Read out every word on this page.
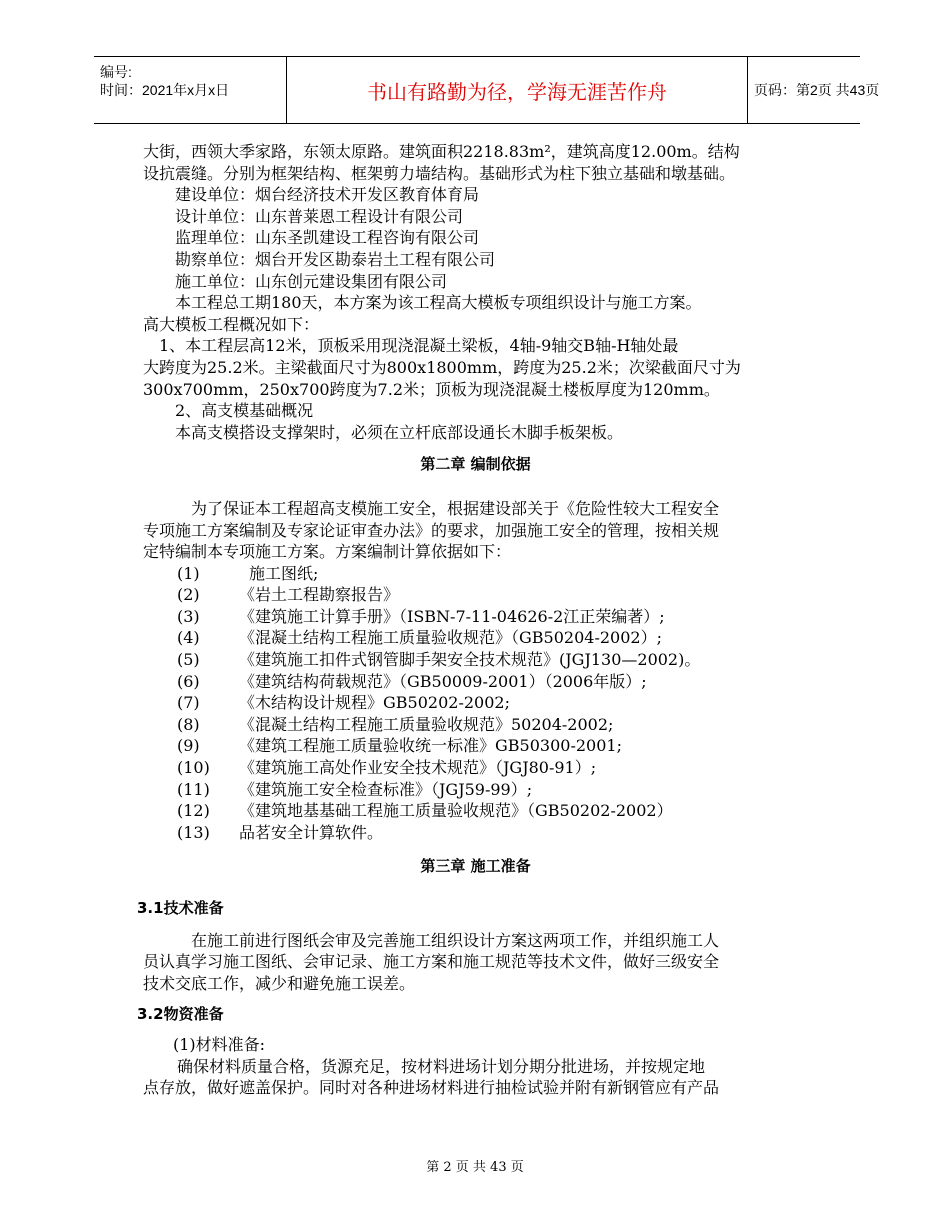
编号:
时间：2021年x月x日	书山有路勤为径，学海无涯苦作舟	页码：第2页 共43页

大街，西领大季家路，东领太原路。建筑面积2218.83m²，建筑高度12.00m。结构
设抗震缝。分别为框架结构、框架剪力墙结构。基础形式为柱下独立基础和墩基础。

建设单位：烟台经济技术开发区教育体育局
设计单位：山东普莱恩工程设计有限公司
监理单位：山东圣凯建设工程咨询有限公司
勘察单位：烟台开发区勘泰岩土工程有限公司
施工单位：山东创元建设集团有限公司

本工程总工期180天，本方案为该工程高大模板专项组织设计与施工方案。
高大模板工程概况如下：

1、本工程层高12米，顶板采用现浇混凝土梁板，4轴-9轴交B轴-H轴处最
大跨度为25.2米。主梁截面尺寸为800x1800mm，跨度为25.2米；次梁截面尺寸为
300x700mm，250x700跨度为7.2米；顶板为现浇混凝土楼板厚度为120mm。

2、高支模基础概况
本高支模搭设支撑架时，必须在立杆底部设通长木脚手板架板。

第二章 编制依据

为了保证本工程超高支模施工安全，根据建设部关于《危险性较大工程安全
专项施工方案编制及专家论证审查办法》的要求，加强施工安全的管理，按相关规
定特编制本专项施工方案。方案编制计算依据如下：

(1)	施工图纸;
(2)	《岩土工程勘察报告》
(3)	《建筑施工计算手册》（ISBN-7-11-04626-2江正荣编著）;
(4)	《混凝土结构工程施工质量验收规范》（GB50204-2002）;
(5)	《建筑施工扣件式钢管脚手架安全技术规范》(JGJ130—2002)。
(6)	《建筑结构荷载规范》（GB50009-2001）（2006年版）;
(7)	《木结构设计规程》GB50202-2002;
(8)	《混凝土结构工程施工质量验收规范》50204-2002;
(9)	《建筑工程施工质量验收统一标准》GB50300-2001;
(10)	《建筑施工高处作业安全技术规范》（JGJ80-91）;
(11)	《建筑施工安全检查标准》（JGJ59-99）;
(12)	《建筑地基基础工程施工质量验收规范》（GB50202-2002）
(13)	品茗安全计算软件。
第三章 施工准备
3.1技术准备

在施工前进行图纸会审及完善施工组织设计方案这两项工作，并组织施工人
员认真学习施工图纸、会审记录、施工方案和施工规范等技术文件，做好三级安全
技术交底工作，减少和避免施工误差。

3.2物资准备

(1)材料准备:
确保材料质量合格，货源充足，按材料进场计划分期分批进场，并按规定地
点存放，做好遮盖保护。同时对各种进场材料进行抽检试验并附有新钢管应有产品

第 2 页 共 43 页
